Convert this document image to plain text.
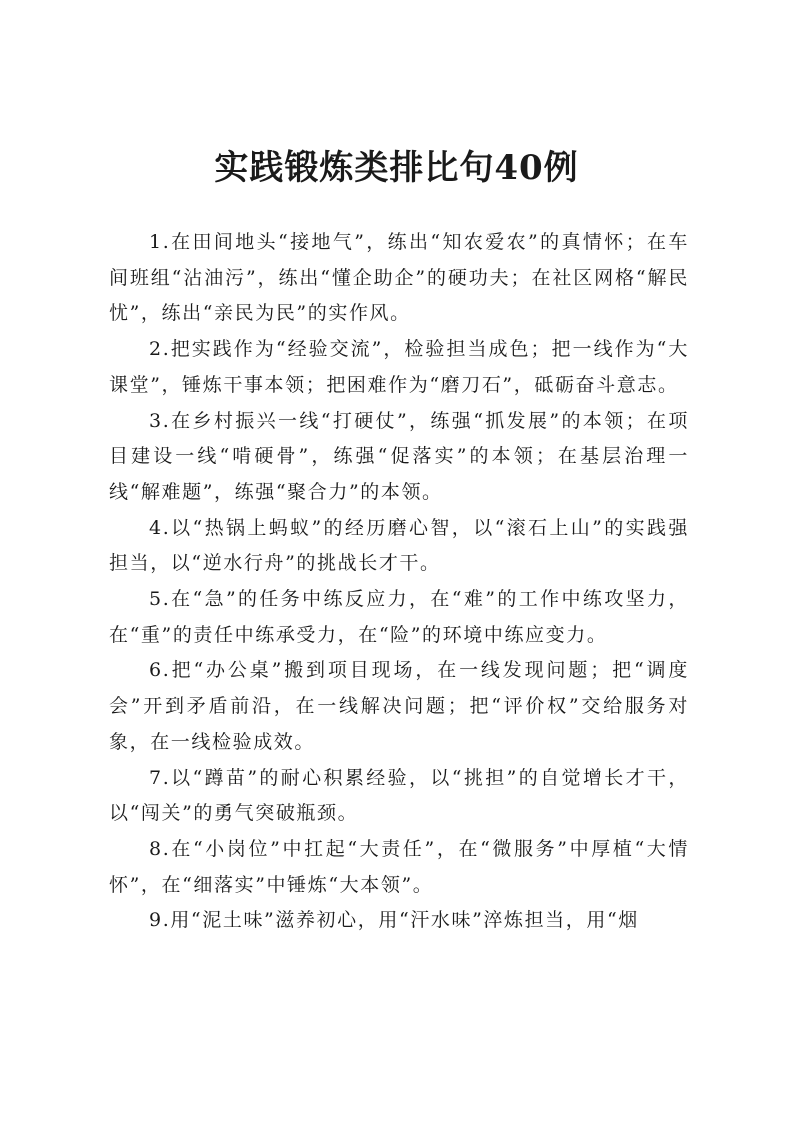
实践锻炼类排比句40例

1.在田间地头“接地气”，练出“知农爱农”的真情怀；在车间班组“沾油污”，练出“懂企助企”的硬功夫；在社区网格“解民忧”，练出“亲民为民”的实作风。

2.把实践作为“经验交流”，检验担当成色；把一线作为“大课堂”，锤炼干事本领；把困难作为“磨刀石”，砥砺奋斗意志。

3.在乡村振兴一线“打硬仗”，练强“抓发展”的本领；在项目建设一线“啃硬骨”，练强“促落实”的本领；在基层治理一线“解难题”，练强“聚合力”的本领。

4.以“热锅上蚂蚁”的经历磨心智，以“滚石上山”的实践强担当，以“逆水行舟”的挑战长才干。

5.在“急”的任务中练反应力，在“难”的工作中练攻坚力，在“重”的责任中练承受力，在“险”的环境中练应变力。

6.把“办公桌”搬到项目现场，在一线发现问题；把“调度会”开到矛盾前沿，在一线解决问题；把“评价权”交给服务对象，在一线检验成效。

7.以“蹲苗”的耐心积累经验，以“挑担”的自觉增长才干，以“闯关”的勇气突破瓶颈。

8.在“小岗位”中扛起“大责任”，在“微服务”中厚植“大情怀”，在“细落实”中锤炼“大本领”。

9.用“泥土味”滋养初心，用“汗水味”淬炼担当，用“烟
